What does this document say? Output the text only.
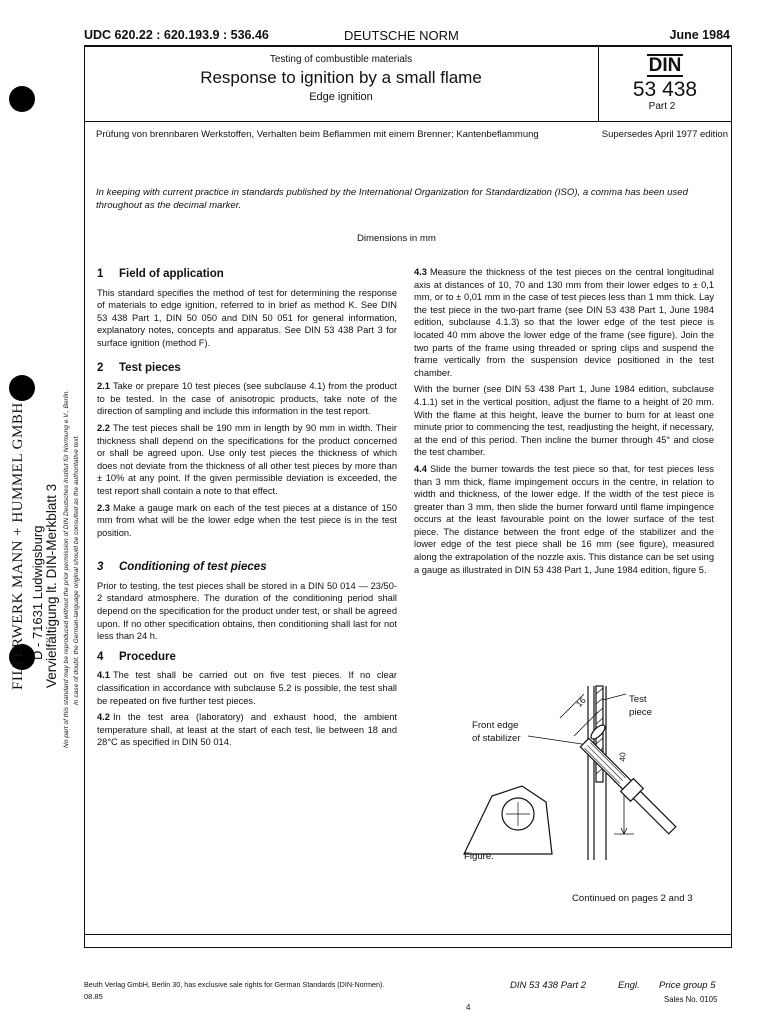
UDC 620.22 : 620.193.9 : 536.46	DEUTSCHE NORM	June 1984
Testing of combustible materials
Response to ignition by a small flame
Edge ignition
DIN
53 438
Part 2
Prüfung von brennbaren Werkstoffen, Verhalten beim Beflammen mit einem Brenner; Kantenbeflammung	Supersedes April 1977 edition
In keeping with current practice in standards published by the International Organization for Standardization (ISO), a comma has been used throughout as the decimal marker.
Dimensions in mm
1 Field of application

This standard specifies the method of test for determining the response of materials to edge ignition, referred to in brief as method K. See DIN 53 438 Part 1, DIN 50 050 and DIN 50 051 for general information, explanatory notes, concepts and apparatus. See DIN 53 438 Part 3 for surface ignition (method F).

2 Test pieces

2.1 Take or prepare 10 test pieces (see subclause 4.1) from the product to be tested. In the case of anisotropic products, take note of the direction of sampling and include this information in the test report.

2.2 The test pieces shall be 190 mm in length by 90 mm in width. Their thickness shall depend on the specifications for the product concerned or shall be agreed upon. Use only test pieces the thickness of which does not deviate from the thickness of all other test pieces by more than ± 10% at any point. If the given permissible deviation is exceeded, the test report shall contain a note to that effect.

2.3 Make a gauge mark on each of the test pieces at a distance of 150 mm from what will be the lower edge when the test piece is in the test position.

3 Conditioning of test pieces

Prior to testing, the test pieces shall be stored in a DIN 50 014 — 23/50-2 standard atmosphere. The duration of the conditioning period shall depend on the specification for the product under test, or shall be agreed upon. If no other specification obtains, then conditioning shall last for not less than 24 h.

4 Procedure

4.1 The test shall be carried out on five test pieces. If no clear classification in accordance with subclause 5.2 is possible, the test shall be repeated on five further test pieces.

4.2 In the test area (laboratory) and exhaust hood, the ambient temperature shall, at least at the start of each test, lie between 18 and 28°C as specified in DIN 50 014.

4.3 Measure the thickness of the test pieces on the central longitudinal axis at distances of 10, 70 and 130 mm from their lower edges to ± 0,1 mm, or to ± 0,01 mm in the case of test pieces less than 1 mm thick. Lay the test piece in the two-part frame (see DIN 53 438 Part 1, June 1984 edition, subclause 4.1.3) so that the lower edge of the test piece is located 40 mm above the lower edge of the frame (see figure). Join the two parts of the frame using threaded or spring clips and suspend the frame vertically from the suspension device positioned in the test chamber.

With the burner (see DIN 53 438 Part 1, June 1984 edition, subclause 4.1.1) set in the vertical position, adjust the flame to a height of 20 mm. With the flame at this height, leave the burner to burn for at least one minute prior to commencing the test, readjusting the height, if necessary, at the end of this period. Then incline the burner through 45° and close the test chamber.

4.4 Slide the burner towards the test piece so that, for test pieces less than 3 mm thick, flame impingement occurs in the centre, in relation to width and thickness, of the lower edge. If the width of the test piece is greater than 3 mm, then slide the burner forward until flame impingence occurs at the least favourable point on the lower surface of the test piece. The distance between the front edge of the stabilizer and the lower edge of the test piece shall be 16 mm (see figure), measured along the extrapolation of the nozzle axis. This distance can be set using a gauge as illustrated in DIN 53 438 Part 1, June 1984 edition, figure 5.

Test
piece
Front edge
of stabilizer
16
40
Figure.
Continued on pages 2 and 3
FILTERWERK MANN + HUMMEL GMBH D - 71631 Ludwigsburg Vervielfältigung lt. DIN-Merkblatt 3 No part of this standard may be reproduced without the prior permission of DIN Deutsches Institut für Normung e.V., Berlin. In case of doubt, the German-language original should be consulted as the authoritative text.
Beuth Verlag GmbH, Berlin 30, has exclusive sale rights for German Standards (DIN-Normen).
08.85
DIN 53 438 Part 2	Engl. Price group 5
Sales No. 0105
4
